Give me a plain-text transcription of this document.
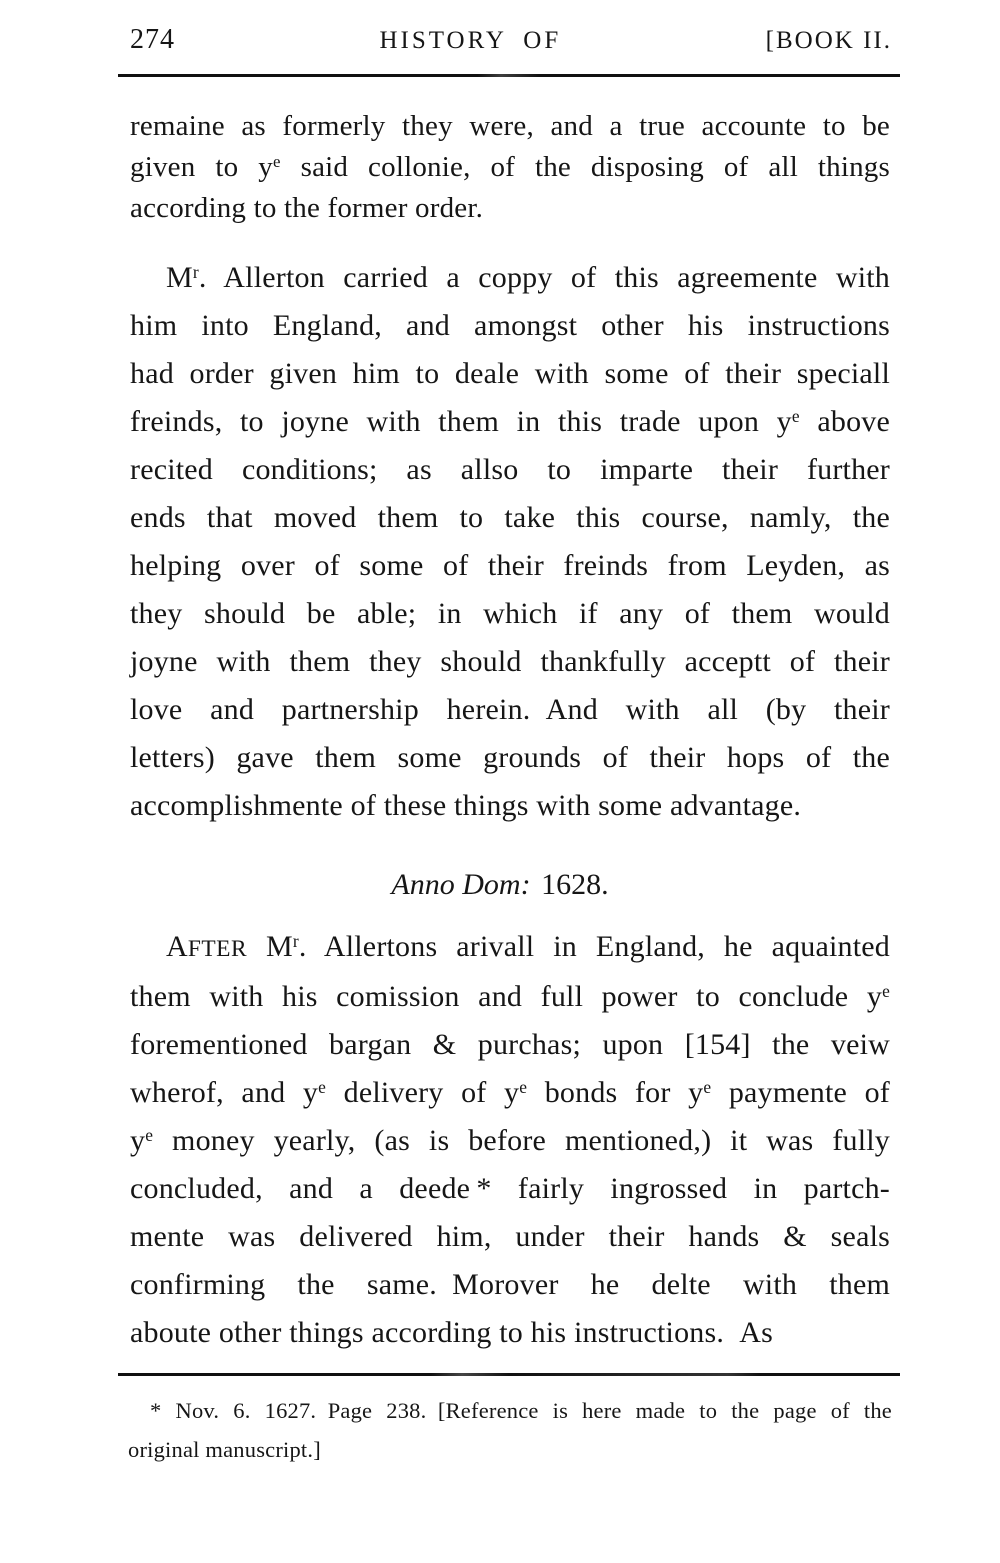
274	HISTORY OF	[BOOK II.
remaine as formerly they were, and a true accounte to be
given to $y^e$ said collonie, of the disposing of all things
according to the former order.
$M^r$. Allerton carried a coppy of this agreemente with
him into England, and amongst other his instructions
had order given him to deale with some of their speciall
freinds, to joyne with them in this trade upon $y^e$ above
recited conditions; as allso to imparte their further
ends that moved them to take this course, namly, the
helping over of some of their freinds from Leyden, as
they should be able; in which if any of them would
joyne with them they should thankfully acceptt of their
love and partnership herein. And with all (by their
letters) gave them some grounds of their hops of the
accomplishmente of these things with some advantage.
Anno Dom: 1628.
AFTER $M^r$. Allertons arivall in England, he aquainted
them with his comission and full power to conclude $y^e$
forementioned bargan & purchas; upon [154] the veiw
wherof, and $y^e$ delivery of $y^e$ bonds for $y^e$ paymente of
$y^e$ money yearly, (as is before mentioned,) it was fully
concluded, and a deede * fairly ingrossed in partch-
mente was delivered him, under their hands & seals
confirming the same. Morover he delte with them
aboute other things according to his instructions. As
* Nov. 6. 1627. Page 238. [Reference is here made to the page of the
original manuscript.]
